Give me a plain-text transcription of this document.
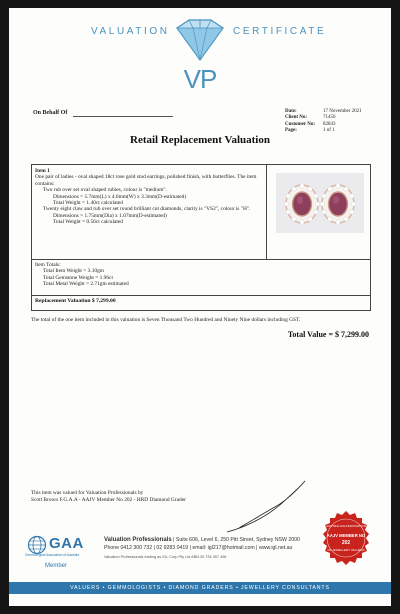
VALUATION	CERTIFICATE
VP
On Behalf Of	Date:	17 November 2021
Client No:	71456
Customer No: 82843
Page:	1 of 1
Retail Replacement Valuation
Item 1
One pair of ladies - oval shaped 18ct rose gold stud earrings, polished finish, with butterflies. The item contains:
Two rub over set oval shaped rubies, colour is "medium".
Dimensions = 5.7mm(L) x 4.6mm(W) x 3.3mm(D-estimated)
Total Weight = 1.40ct calculated
Twenty eight claw and rub over set round brilliant cut diamonds, clarity is "VS2", colour is "H".
Dimensions = 1.75mm(Dia) x 1.07mm(D-estimated)
Total Weight = 0.56ct calculated
Item Totals:
Total Item Weight = 3.10gm
Total Gemstone Weight = 1.96ct
Total Metal Weight = 2.71gm estimated
Replacement Valuation $ 7,299.00
The total of the one item included in this valuation is Seven Thousand Two Hundred and Ninety Nine dollars including GST.
Total Value = $ 7,299.00
This item was valued for Valuation Professionals by
Scott Brown F.G.A.A - AAJV Member No 202 - HRD Diamond Grader
AUSTRALIAN ASSOCIATION
AAJV MEMBER NO
202
OF JEWELLERY VALUERS
GAA
Gemmological Association of Australia
Member
Valuation Professionals | Suite 606, Level 6, 250 Pitt Street, Sydney NSW 2000
Phone 0412 300 732 | 02 9283 0419 | email: igl217@hotmail.com | www.igl.net.au
Valuation Professionals trading as IGL Corp Pty Ltd ABN 25 734 397 496
VALUERS • GEMMOLOGISTS • DIAMOND GRADERS • JEWELLERY CONSULTANTS
